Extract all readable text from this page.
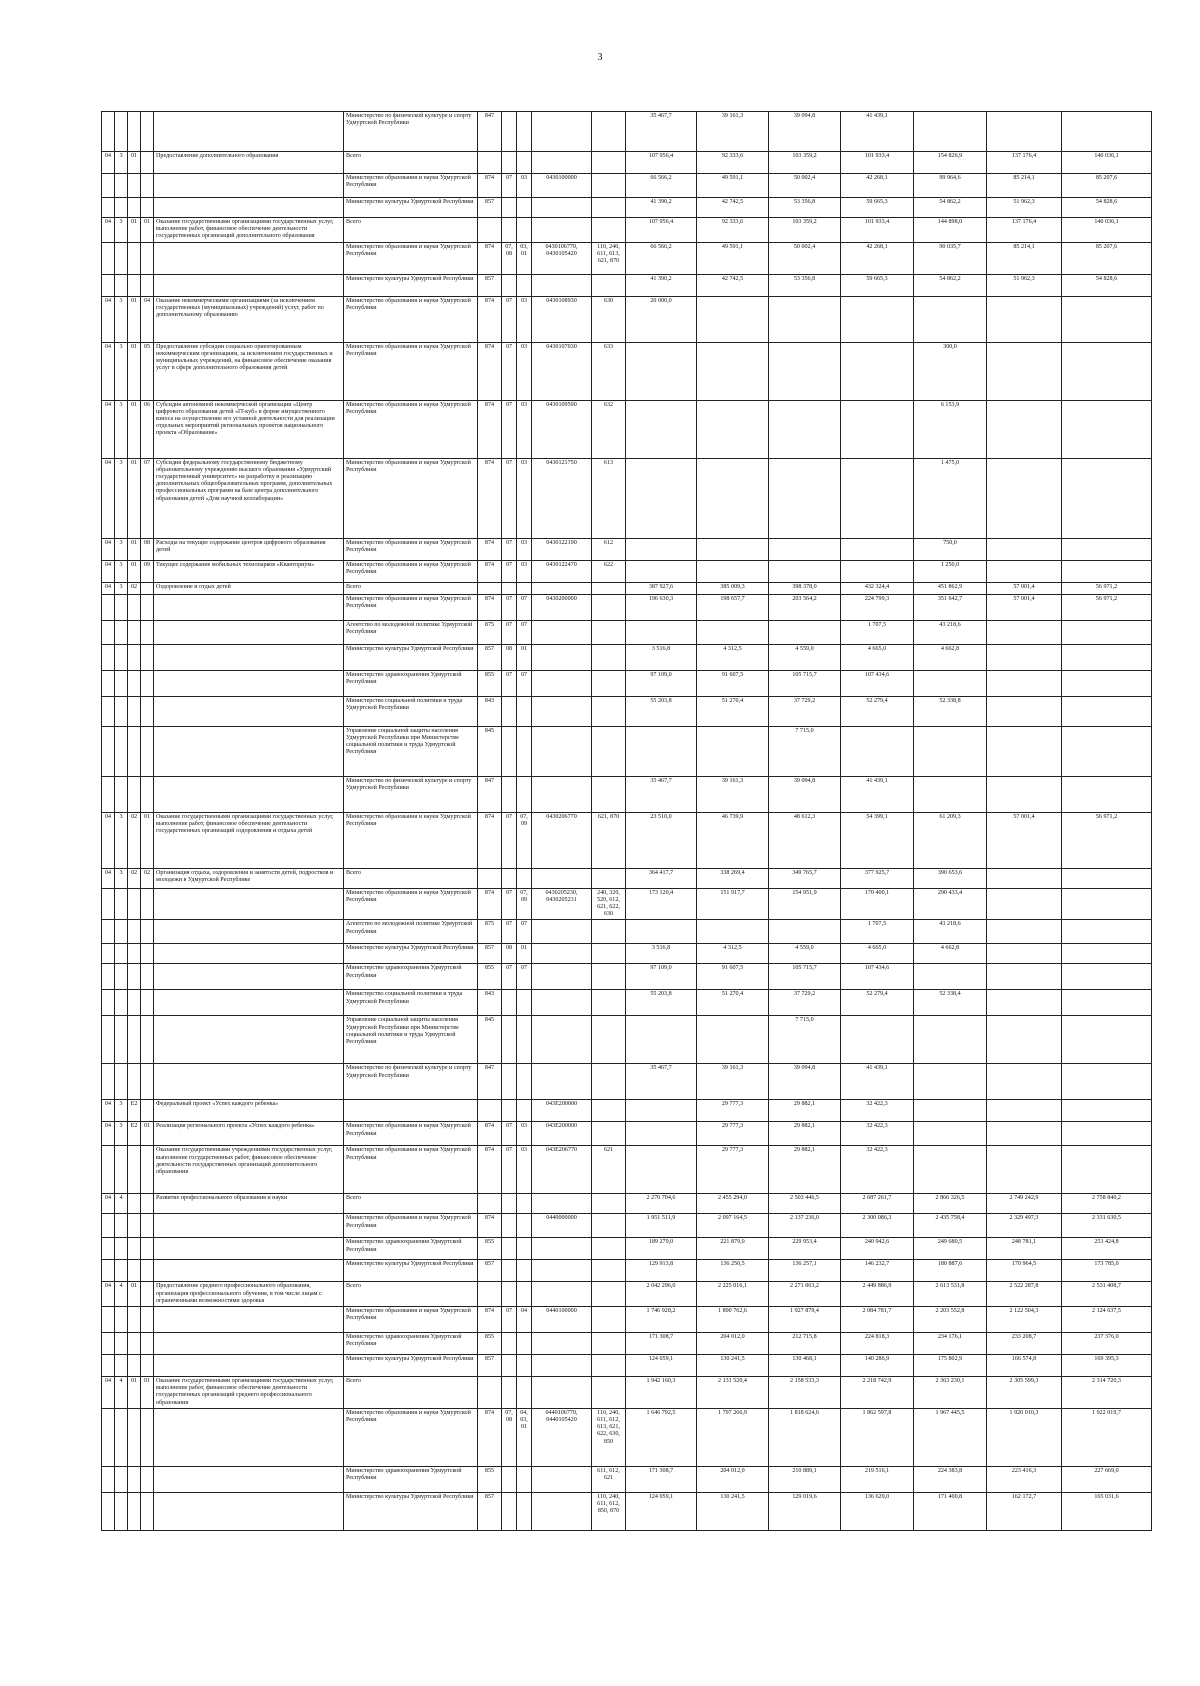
3
					Министерство по физической культуре и спорту Удмуртской Республики	847					35 467,7	39 161,3	39 094,8	41 439,1			
04	3	01		Предоставление дополнительного образования	Всего						107 956,4	92 333,6	103 359,2	101 933,4	154 826,9	137 176,4	140 036,1
					Министерство образования и науки Удмуртской Республики	874	07	03	0430100000		66 566,2	49 591,1	50 002,4	42 268,1	99 964,6	85 214,1	85 207,6
					Министерство культуры Удмуртской Республики	857					41 390,2	42 742,5	53 356,8	59 665,3	54 862,2	51 962,3	54 828,6
04	3	01	01	Оказание государственными организациями государственных услуг, выполнение работ, финансовое обеспечение деятельности государственных организаций дополнительного образования	Всего						107 956,4	92 333,6	103 359,2	101 933,4	144 898,0	137 176,4	140 036,1
					Министерство образования и науки Удмуртской Республики	874	07, 08	03, 01	0430106770, 0430105420	110, 240, 611, 613, 621, 870	66 566,2	49 591,1	50 002,4	42 268,1	90 035,7	85 214,1	85 207,6
					Министерство культуры Удмуртской Республики	857					41 390,2	42 742,5	53 356,8	59 665,3	54 862,2	51 962,3	54 828,6
04	3	01	04	Оказание некоммерческими организациями (за исключением государственных (муниципальных) учреждений) услуг, работ по дополнительному образованию	Министерство образования и науки Удмуртской Республики	874	07	03	0430108930	630	20 000,0						
04	3	01	05	Предоставление субсидии социально ориентированным некоммерческим организациям, за исключением государственных и муниципальных учреждений, на финансовое обеспечение оказания услуг в сфере дополнительного образования детей	Министерство образования и науки Удмуртской Республики	874	07	03	0430107030	633					300,0		
04	3	01	06	Субсидия автономной некоммерческой организации «Центр цифрового образования детей «IT-куб» в форме имущественного взноса на осуществление его уставной деятельности для реализации отдельных мероприятий региональных проектов национального проекта «Образование»	Министерство образования и науки Удмуртской Республики	874	07	03	0430109590	632					6 153,9		
04	3	01	07	Субсидия федеральному государственному бюджетному образовательному учреждению высшего образования «Удмуртский государственный университет» на разработку и реализацию дополнительных общеобразовательных программ, дополнительных профессиональных программ на базе центра дополнительного образования детей «Дом научной коллаборации»	Министерство образования и науки Удмуртской Республики	874	07	03	0430121750	613					1 475,0		
04	3	01	08	Расходы на текущее содержание центров цифрового образования детей	Министерство образования и науки Удмуртской Республики	874	07	03	0430122190	612					750,0		
04	3	01	09	Текущее содержание мобильных технопарков «Кванториум»	Министерство образования и науки Удмуртской Республики	874	07	03	0430122470	622					1 250,0		
04	3	02		Оздоровление и отдых детей	Всего						387 927,6	385 009,3	398 378,0	432 324,4	451 862,9	57 001,4	56 971,2
					Министерство образования и науки Удмуртской Республики	874	07	07	0430200000		196 630,3	198 657,7	203 564,2	224 799,3	351 642,7	57 001,4	56 971,2
					Агентство по молодежной политике Удмуртской Республики	875	07	07						1 707,5	43 218,6		
					Министерство культуры Удмуртской Республики	857	08	01			3 516,8	4 312,5	4 559,0	4 665,0	4 662,8		
					Министерство здравоохранения Удмуртской Республики	855	07	07			97 109,0	91 607,5	105 715,7	107 434,6			
					Министерство социальной политики и труда Удмуртской Республики	843					55 203,8	51 270,4	37 729,2	52 279,4	52 338,8		
					Управление социальной защиты населения Удмуртской Республики при Министерстве социальной политики и труда Удмуртской Республики	845							7 715,0				
					Министерство по физической культуре и спорту Удмуртской Республики	847					35 467,7	39 161,3	39 094,8	41 439,1			
04	3	02	01	Оказание государственными организациями государственных услуг, выполнение работ, финансовое обеспечение деятельности государственных организаций оздоровления и отдыха детей	Министерство образования и науки Удмуртской Республики	874	07	07, 09	0430206770	621, 870	23 510,0	46 739,9	48 612,3	54 399,1	61 209,3	57 001,4	56 971,2
04	3	02	02	Организация отдыха, оздоровления и занятости детей, подростков и молодежи в Удмуртской Республике	Всего						364 417,7	338 269,4	349 765,7	377 925,7	390 653,6		
					Министерство образования и науки Удмуртской Республики	874	07	07, 09	0430205230, 0430205231	240, 320, 520, 612, 621, 622, 630	173 120,4	151 917,7	154 951,9	170 400,1	290 433,4		
					Агентство по молодежной политике Удмуртской Республики	875	07	07						1 707,5	43 218,6		
					Министерство культуры Удмуртской Республики	857	08	01			3 516,8	4 312,5	4 559,0	4 665,0	4 662,8		
					Министерство здравоохранения Удмуртской Республики	855	07	07			97 109,0	91 607,5	105 715,7	107 434,6			
					Министерство социальной политики и труда Удмуртской Республики	843					55 203,8	51 270,4	37 729,2	52 279,4	52 338,4		
					Управление социальной защиты населения Удмуртской Республики при Министерстве социальной политики и труда Удмуртской Республики	845							7 715,0				
					Министерство по физической культуре и спорту Удмуртской Республики	847					35 467,7	39 161,3	39 094,8	41 439,1			
04	3	E2		Федеральный проект «Успех каждого ребенка»					043E200000			29 777,3	29 882,1	32 422,3			
04	3	E2	01	Реализация регионального проекта «Успех каждого ребенка»	Министерство образования и науки Удмуртской Республики	874	07	03	043E200000			29 777,3	29 882,1	32 422,3			
				Оказание государственными учреждениями государственных услуг, выполнение государственных работ, финансовое обеспечение деятельности государственных организаций дополнительного образования	Министерство образования и науки Удмуртской Республики	874	07	03	043E206770	621		29 777,3	29 882,1	32 422,3			
04	4			Развитие профессионального образования и науки	Всего						2 270 704,6	2 455 294,0	2 503 446,5	2 687 261,7	2 866 326,5	2 749 242,9	2 758 840,2
					Министерство образования и науки Удмуртской Республики	874			0440000000		1 951 511,9	2 097 164,5	2 137 236,0	2 300 086,3	2 435 758,4	2 329 497,3	2 331 630,5
					Министерство здравоохранения Удмуртской Республики	855					189 279,0	221 879,0	229 953,4	240 942,6	249 680,5	248 781,1	253 424,8
					Министерство культуры Удмуртской Республики	857					129 913,8	136 250,5	136 257,1	146 232,7	180 887,6	170 964,5	173 785,0
04	4	01		Предоставление среднего профессионального образования, организация профессионального обучения, в том числе лицам с ограниченными возможностями здоровья	Всего						2 042 296,0	2 225 016,1	2 271 063,2	2 449 886,9	2 613 531,8	2 522 287,8	2 531 408,7
					Министерство образования и науки Удмуртской Республики	874	07	04	0440100000		1 746 928,2	1 890 762,6	1 927 879,4	2 084 781,7	2 203 552,8	2 122 504,3	2 124 637,5
					Министерство здравоохранения Удмуртской Республики	855					171 308,7	204 012,0	212 715,8	224 818,3	234 176,1	233 208,7	237 376,0
					Министерство культуры Удмуртской Республики	857					124 059,1	130 241,5	130 468,1	140 286,9	175 802,9	166 574,8	169 395,3
04	4	01	01	Оказание государственными организациями государственных услуг, выполнение работ, финансовое обеспечение деятельности государственных организаций среднего профессионального образования	Всего						1 942 160,3	2 131 520,4	2 158 533,3	2 218 742,9	2 363 230,1	2 305 599,3	2 314 720,3
					Министерство образования и науки Удмуртской Республики	874	07, 08	04, 03, 01	0440106770, 0440105420	110, 240, 611, 612, 613, 621, 622, 630, 850	1 646 792,5	1 797 266,9	1 818 624,6	1 862 597,8	1 967 445,5	1 920 010,3	1 922 019,7
					Министерство здравоохранения Удмуртской Республики	855				611, 612, 621	171 308,7	204 012,0	210 889,1	219 516,1	224 383,8	223 416,3	227 669,0
					Министерство культуры Удмуртской Республики	857				110, 240, 611, 612, 850, 870	124 059,1	130 241,5	129 019,6	136 629,0	171 400,8	162 172,7	165 031,6
